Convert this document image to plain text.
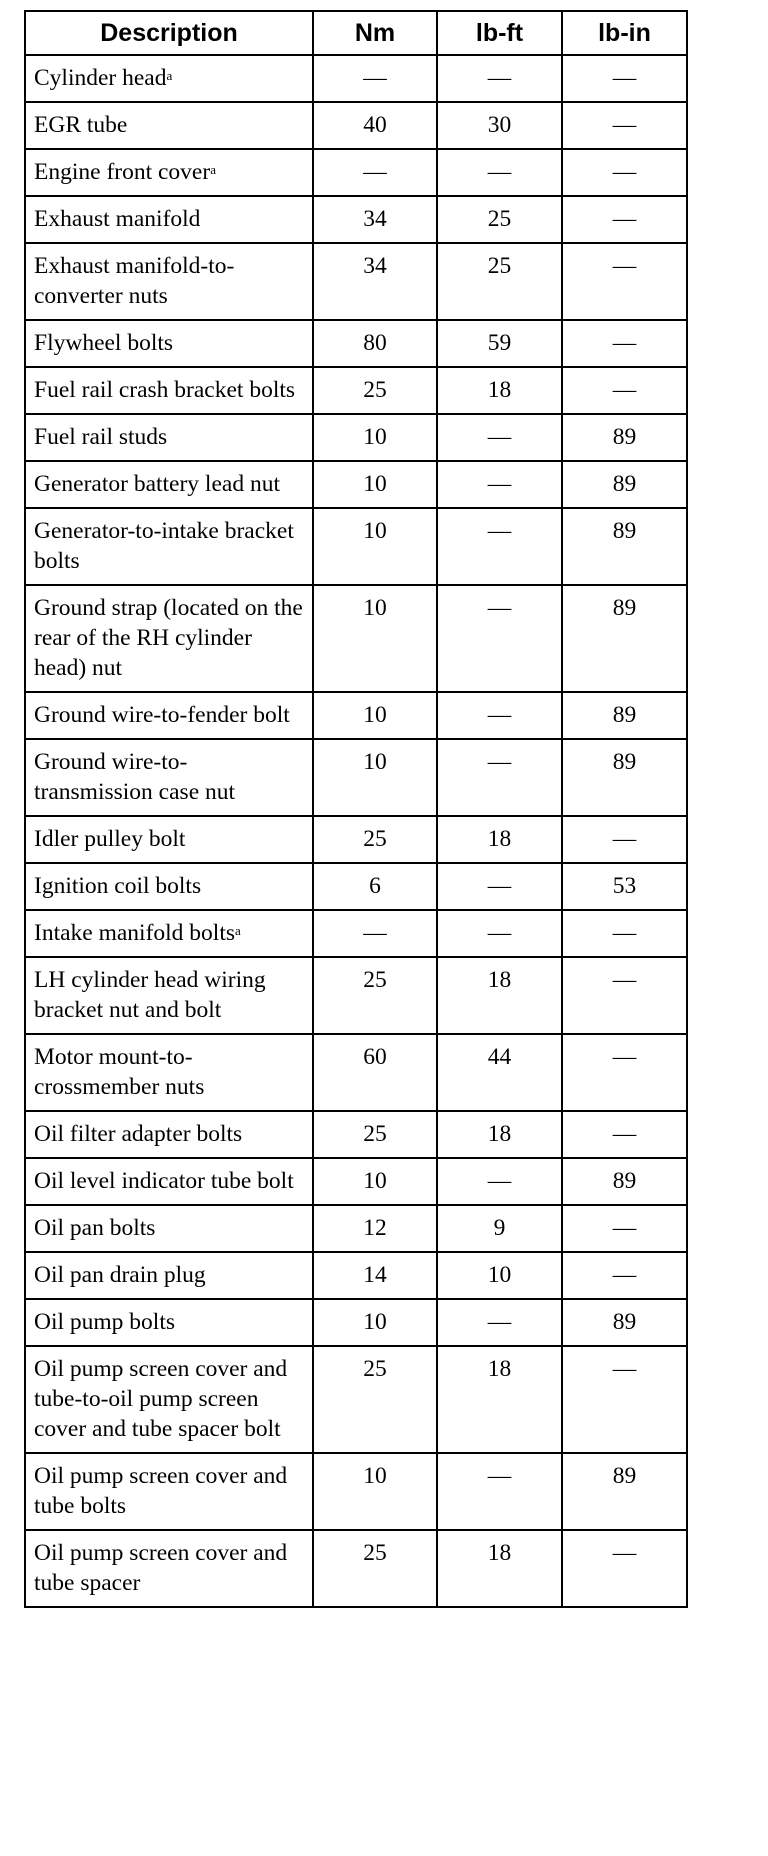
Description	Nm	lb-ft	lb-in
Cylinder head$^a$	—	—	—
EGR tube	40	30	—
Engine front cover$^a$	—	—	—
Exhaust manifold	34	25	—
Exhaust manifold-to-converter nuts	34	25	—
Flywheel bolts	80	59	—
Fuel rail crash bracket bolts	25	18	—
Fuel rail studs	10	—	89
Generator battery lead nut	10	—	89
Generator-to-intake bracket bolts	10	—	89
Ground strap (located on the rear of the RH cylinder head) nut	10	—	89
Ground wire-to-fender bolt	10	—	89
Ground wire-to-transmission case nut	10	—	89
Idler pulley bolt	25	18	—
Ignition coil bolts	6	—	53
Intake manifold bolts$^a$	—	—	—
LH cylinder head wiring bracket nut and bolt	25	18	—
Motor mount-to-crossmember nuts	60	44	—
Oil filter adapter bolts	25	18	—
Oil level indicator tube bolt	10	—	89
Oil pan bolts	12	9	—
Oil pan drain plug	14	10	—
Oil pump bolts	10	—	89
Oil pump screen cover and tube-to-oil pump screen cover and tube spacer bolt	25	18	—
Oil pump screen cover and tube bolts	10	—	89
Oil pump screen cover and tube spacer	25	18	—
